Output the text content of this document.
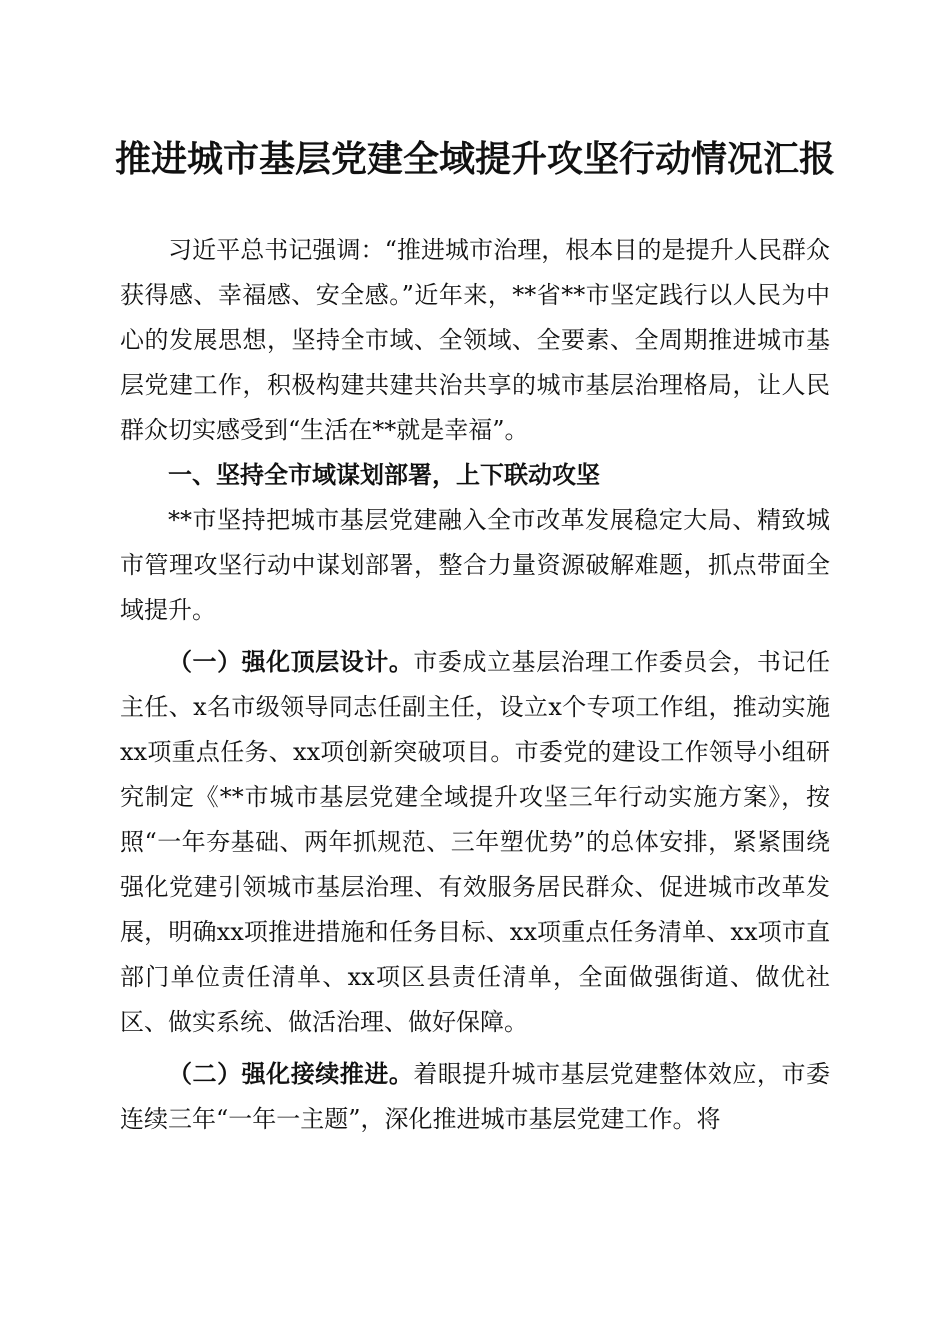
推进城市基层党建全域提升攻坚行动情况汇报

习近平总书记强调：“推进城市治理，根本目的是提升人民群众获得感、幸福感、安全感。”近年来，**省**市坚定践行以人民为中心的发展思想，坚持全市域、全领域、全要素、全周期推进城市基层党建工作，积极构建共建共治共享的城市基层治理格局，让人民群众切实感受到“生活在**就是幸福”。

一、坚持全市域谋划部署，上下联动攻坚

**市坚持把城市基层党建融入全市改革发展稳定大局、精致城市管理攻坚行动中谋划部署，整合力量资源破解难题，抓点带面全域提升。

（一）强化顶层设计。市委成立基层治理工作委员会，书记任主任、x名市级领导同志任副主任，设立x个专项工作组，推动实施xx项重点任务、xx项创新突破项目。市委党的建设工作领导小组研究制定《**市城市基层党建全域提升攻坚三年行动实施方案》，按照“一年夯基础、两年抓规范、三年塑优势”的总体安排，紧紧围绕强化党建引领城市基层治理、有效服务居民群众、促进城市改革发展，明确xx项推进措施和任务目标、xx项重点任务清单、xx项市直部门单位责任清单、xx项区县责任清单，全面做强街道、做优社区、做实系统、做活治理、做好保障。

（二）强化接续推进。着眼提升城市基层党建整体效应，市委连续三年“一年一主题”，深化推进城市基层党建工作。将
